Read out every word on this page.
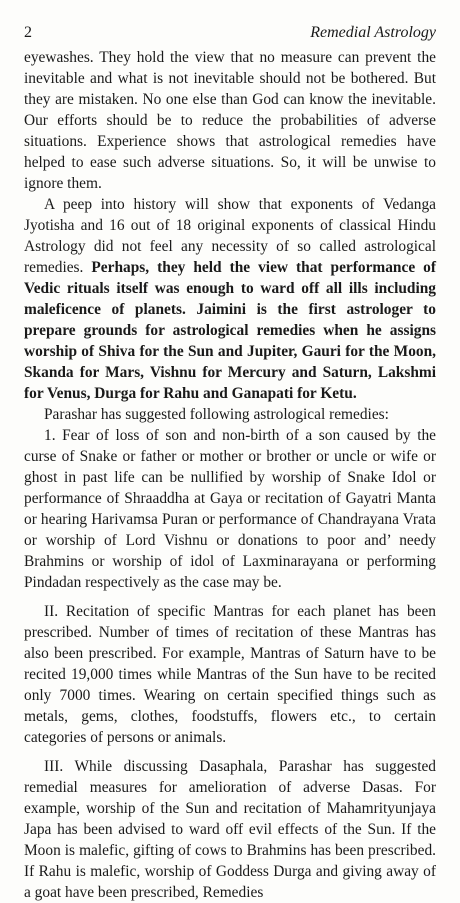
2	Remedial Astrology

eyewashes. They hold the view that no measure can prevent the inevitable and what is not inevitable should not be bothered. But they are mistaken. No one else than God can know the inevitable. Our efforts should be to reduce the probabilities of adverse situations. Experience shows that astrological remedies have helped to ease such adverse situations. So, it will be unwise to ignore them.

A peep into history will show that exponents of Vedanga Jyotisha and 16 out of 18 original exponents of classical Hindu Astrology did not feel any necessity of so called astrological remedies. Perhaps, they held the view that performance of Vedic rituals itself was enough to ward off all ills including maleficence of planets. Jaimini is the first astrologer to prepare grounds for astrological remedies when he assigns worship of Shiva for the Sun and Jupiter, Gauri for the Moon, Skanda for Mars, Vishnu for Mercury and Saturn, Lakshmi for Venus, Durga for Rahu and Ganapati for Ketu.

Parashar has suggested following astrological remedies:

1. Fear of loss of son and non-birth of a son caused by the curse of Snake or father or mother or brother or uncle or wife or ghost in past life can be nullified by worship of Snake Idol or performance of Shraaddha at Gaya or recitation of Gayatri Manta or hearing Harivamsa Puran or performance of Chandrayana Vrata or worship of Lord Vishnu or donations to poor and’ needy Brahmins or worship of idol of Laxminarayana or performing Pindadan respectively as the case may be.

II. Recitation of specific Mantras for each planet has been prescribed. Number of times of recitation of these Mantras has also been prescribed. For example, Mantras of Saturn have to be recited 19,000 times while Mantras of the Sun have to be recited only 7000 times. Wearing on certain specified things such as metals, gems, clothes, foodstuffs, flowers etc., to certain categories of persons or animals.

III. While discussing Dasaphala, Parashar has suggested remedial measures for amelioration of adverse Dasas. For example, worship of the Sun and recitation of Mahamrityunjaya Japa has been advised to ward off evil effects of the Sun. If the Moon is malefic, gifting of cows to Brahmins has been prescribed. If Rahu is malefic, worship of Goddess Durga and giving away of a goat have been prescribed, Remedies
